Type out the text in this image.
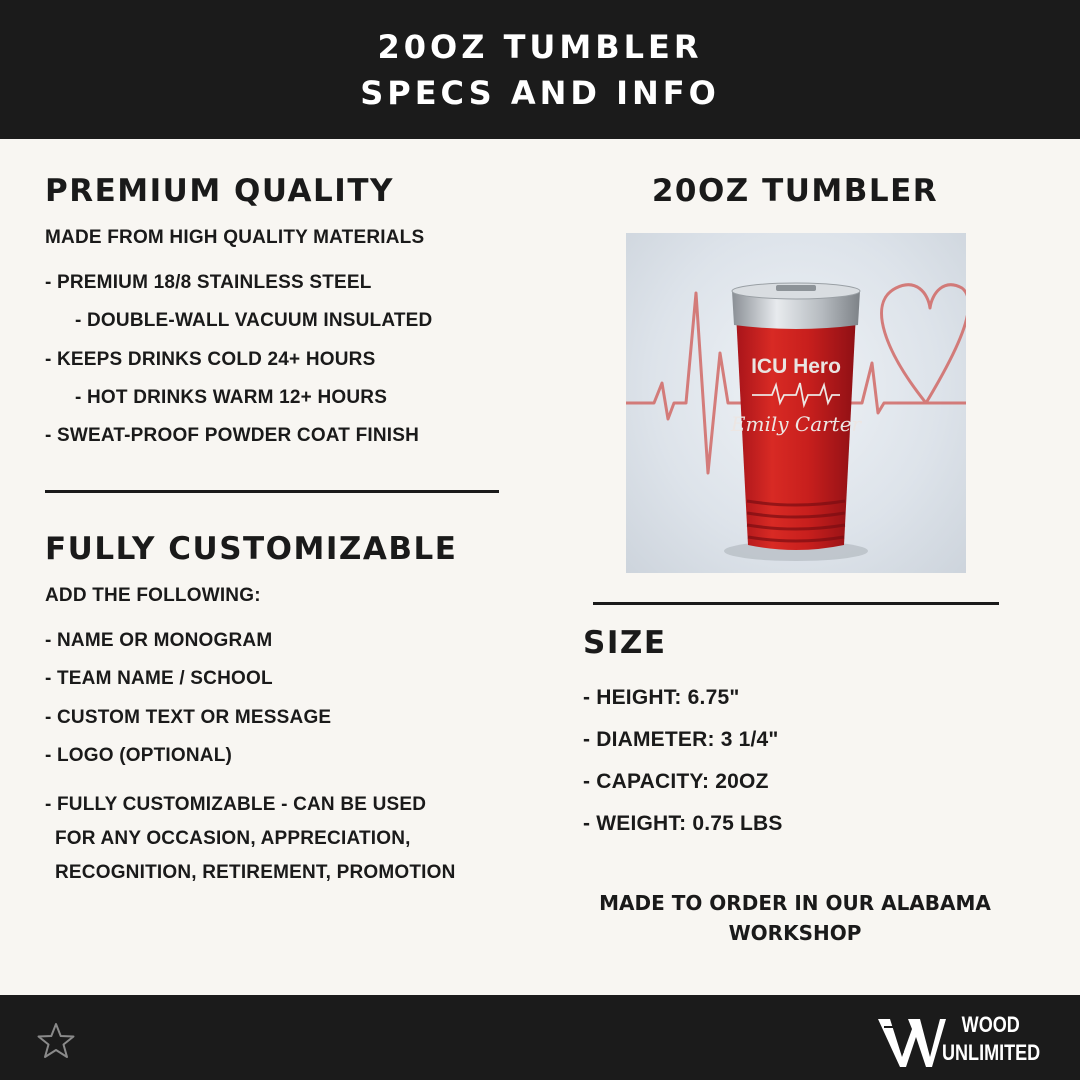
20OZ TUMBLER
SPECS AND INFO
PREMIUM QUALITY
MADE FROM HIGH QUALITY MATERIALS
- PREMIUM 18/8 STAINLESS STEEL
- DOUBLE-WALL VACUUM INSULATED
- KEEPS DRINKS COLD 24+ HOURS
- HOT DRINKS WARM 12+ HOURS
- SWEAT-PROOF POWDER COAT FINISH
FULLY CUSTOMIZABLE
ADD THE FOLLOWING:
- NAME OR MONOGRAM
- TEAM NAME / SCHOOL
- CUSTOM TEXT OR MESSAGE
- LOGO (OPTIONAL)
- FULLY CUSTOMIZABLE - CAN BE USED
FOR ANY OCCASION, APPRECIATION,
RECOGNITION, RETIREMENT, PROMOTION
20OZ TUMBLER
ICU Hero
Emily Carter
SIZE
- HEIGHT: 6.75"
- DIAMETER: 3 1/4"
- CAPACITY: 20OZ
- WEIGHT: 0.75 LBS
MADE TO ORDER IN OUR ALABAMA
WORKSHOP
WOOD
UNLIMITED
